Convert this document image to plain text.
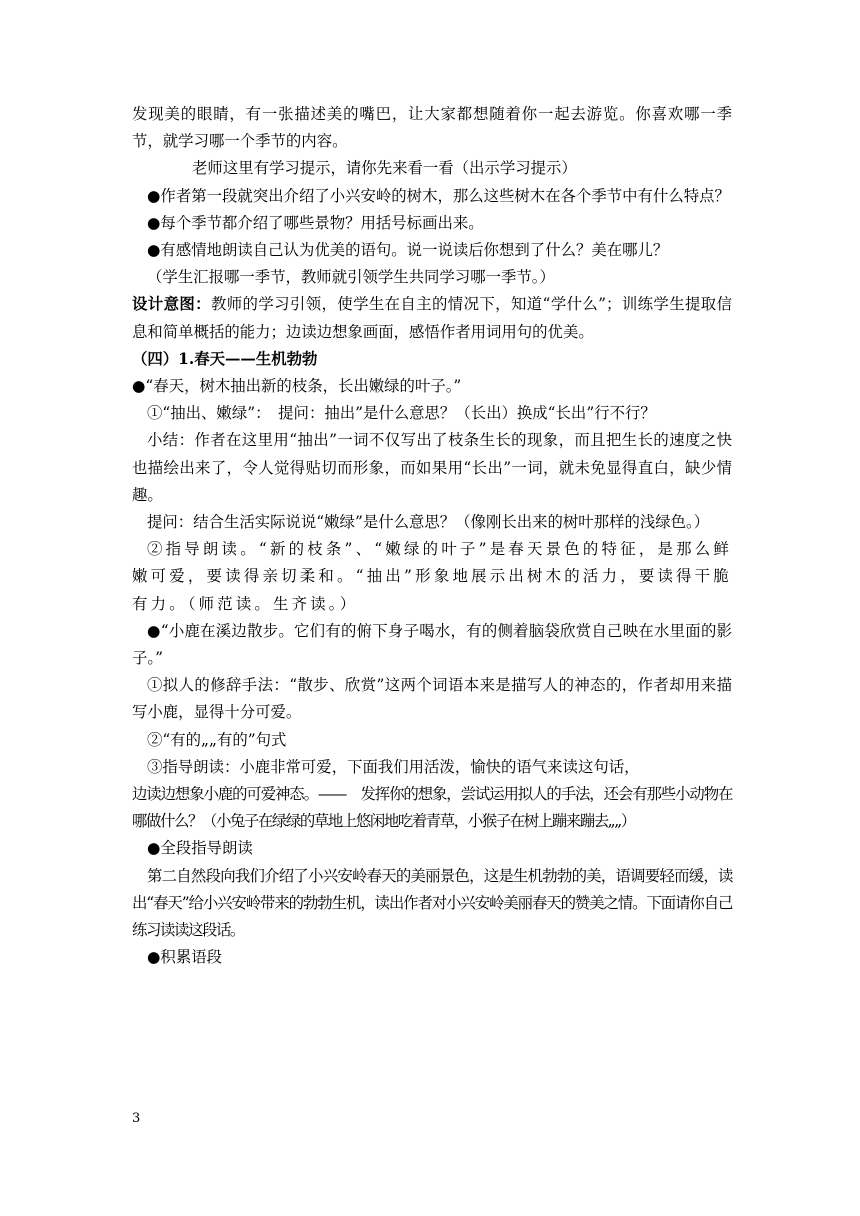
发现美的眼睛，有一张描述美的嘴巴，让大家都想随着你一起去游览。你喜欢哪一季节，就学习哪一个季节的内容。

老师这里有学习提示，请你先来看一看（出示学习提示）

●作者第一段就突出介绍了小兴安岭的树木，那么这些树木在各个季节中有什么特点？

●每个季节都介绍了哪些景物？用括号标画出来。

●有感情地朗读自己认为优美的语句。说一说读后你想到了什么？美在哪儿？

（学生汇报哪一季节，教师就引领学生共同学习哪一季节。）

设计意图：教师的学习引领，使学生在自主的情况下，知道“学什么”；训练学生提取信息和简单概括的能力；边读边想象画面，感悟作者用词用句的优美。

（四）1.春天——生机勃勃

●“春天，树木抽出新的枝条，长出嫩绿的叶子。”

①“抽出、嫩绿”：　提问：抽出”是什么意思？（长出）换成“长出”行不行？

小结：作者在这里用“抽出”一词不仅写出了枝条生长的现象，而且把生长的速度之快也描绘出来了，令人觉得贴切而形象，而如果用“长出”一词，就未免显得直白，缺少情趣。

提问：结合生活实际说说“嫩绿”是什么意思？（像刚长出来的树叶那样的浅绿色。）

②指导朗读。“新的枝条”、“嫩绿的叶子”是春天景色的特征，是那么鲜嫩可爱，要读得亲切柔和。“抽出”形象地展示出树木的活力，要读得干脆有力。（师范读。生齐读。）

●“小鹿在溪边散步。它们有的俯下身子喝水，有的侧着脑袋欣赏自己映在水里面的影子。”

①拟人的修辞手法：“散步、欣赏”这两个词语本来是描写人的神态的，作者却用来描写小鹿，显得十分可爱。

②“有的„„有的”句式

③指导朗读：小鹿非常可爱，下面我们用活泼，愉快的语气来读这句话，

边读边想象小鹿的可爱神态。——　发挥你的想象，尝试运用拟人的手法，还会有那些小动物在哪做什么？（小兔子在绿绿的草地上悠闲地吃着青草，小猴子在树上蹦来蹦去„„）

●全段指导朗读

第二自然段向我们介绍了小兴安岭春天的美丽景色，这是生机勃勃的美，语调要轻而缓，读出“春天”给小兴安岭带来的勃勃生机，读出作者对小兴安岭美丽春天的赞美之情。下面请你自己练习读读这段话。

●积累语段

3
